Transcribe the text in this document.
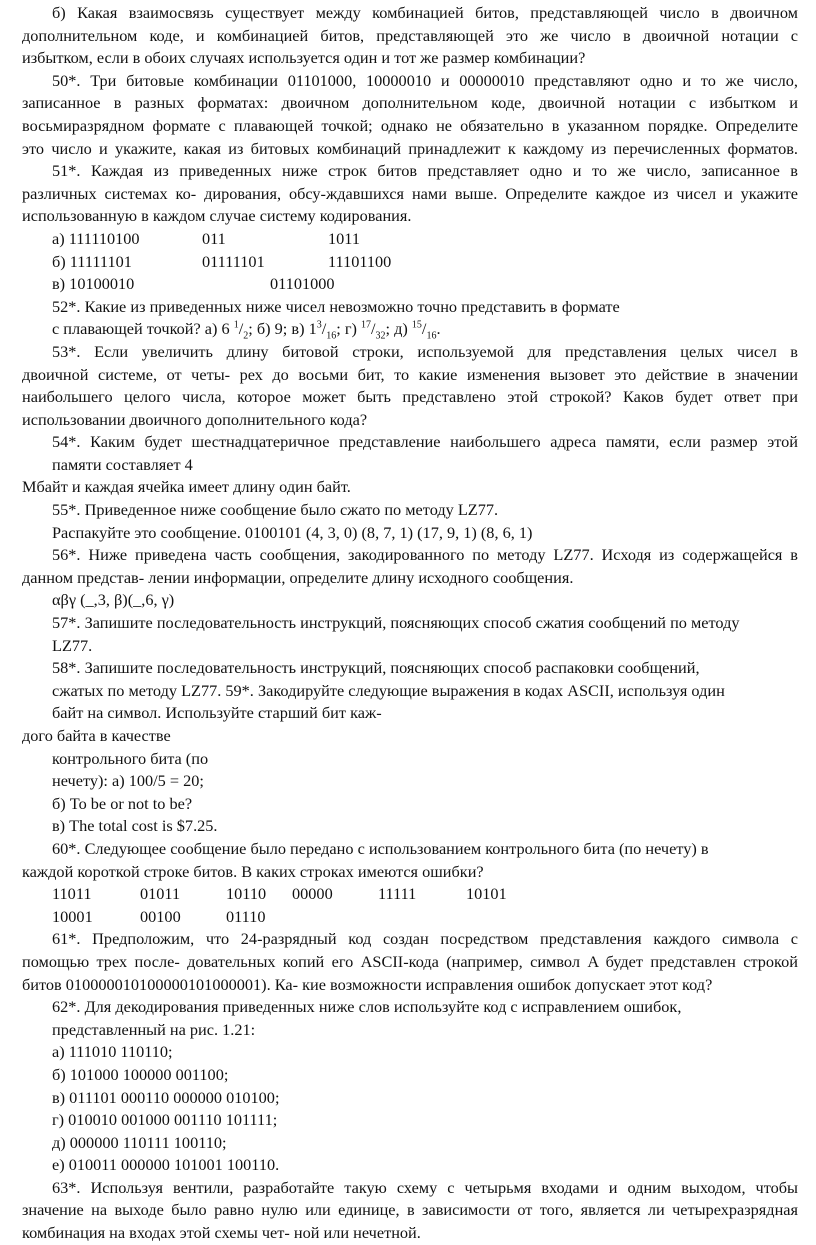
б) Какая взаимосвязь существует между комбинацией битов, представляющей число в двоичном
дополнительном коде, и комбинацией битов, представляющей это же число в двоичной нотации с
избытком, если в обоих случаях используется один и тот же размер комбинации?
50*. Три битовые комбинации 01101000, 10000010 и 00000010 представляют одно и то же число,
записанное в разных форматах: двоичном дополнительном коде, двоичной нотации с избытком и
восьмиразрядном формате с плавающей точкой; однако не обязательно в указанном порядке. Определите
это число и укажите, какая из битовых комбинаций принадлежит к каждому из перечисленных форматов.
51*. Каждая из приведенных ниже строк битов представляет одно и то же число, записанное в
различных системах ко- дирования, обсу-ждавшихся нами выше. Определите каждое из чисел и укажите
использованную в каждом случае систему кодирования.
а) 111110100	011	1011
б) 11111101	01111101	11101100
в) 10100010	01101000
52*. Какие из приведенных ниже чисел невозможно точно представить в формате
с плавающей точкой? а) 6 $^1/_2$; б) 9; в) $1^3/_{16}$; г) $^{17}/_{32}$; д) $^{15}/_{16}$.
53*. Если увеличить длину битовой строки, используемой для представления целых чисел в
двоичной системе, от четы- рех до восьми бит, то какие изменения вызовет это действие в значении
наибольшего целого числа, которое может быть представлено этой строкой? Каков будет ответ при
использовании двоичного дополнительного кода?
54*. Каким будет шестнадцатеричное представление наибольшего адреса памяти, если размер этой
памяти составляет 4
Мбайт и каждая ячейка имеет длину один байт.
55*. Приведенное ниже сообщение было сжато по методу LZ77.
Распакуйте это сообщение. 0100101 (4, 3, 0) (8, 7, 1) (17, 9, 1) (8, 6, 1)
56*. Ниже приведена часть сообщения, закодированного по методу LZ77. Исходя из содержащейся в
данном представ- лении информации, определите длину исходного сообщения.
αβγ (_,3, β)(_,6, γ)
57*. Запишите последовательность инструкций, поясняющих способ сжатия сообщений по методу
LZ77.
58*. Запишите последовательность инструкций, поясняющих способ распаковки сообщений,
сжатых по методу LZ77. 59*. Закодируйте следующие выражения в кодах ASCII, используя один
байт на символ. Используйте старший бит каж-
дого байта в качестве
контрольного бита (по
нечету): а) 100/5 = 20;
б) To be or not to be?
в) The total cost is $7.25.
60*. Следующее сообщение было передано с использованием контрольного бита (по нечету) в
каждой короткой строке битов. В каких строках имеются ошибки?
11011	01011	10110 00000	11111	10101
10001	00100	01110
61*. Предположим, что 24-разрядный код создан посредством представления каждого символа с
помощью трех после- довательных копий его ASCII-кода (например, символ A будет представлен строкой
битов 010000010100000101000001). Ка- кие возможности исправления ошибок допускает этот код?
62*. Для декодирования приведенных ниже слов используйте код с исправлением ошибок,
представленный на рис. 1.21:
а) 111010 110110;
б) 101000 100000 001100;
в) 011101 000110 000000 010100;
г) 010010 001000 001110 101111;
д) 000000 110111 100110;
е) 010011 000000 101001 100110.
63*. Используя вентили, разработайте такую схему с четырьмя входами и одним выходом, чтобы
значение на выходе было равно нулю или единице, в зависимости от того, является ли четырехразрядная
комбинация на входах этой схемы чет- ной или нечетной.
